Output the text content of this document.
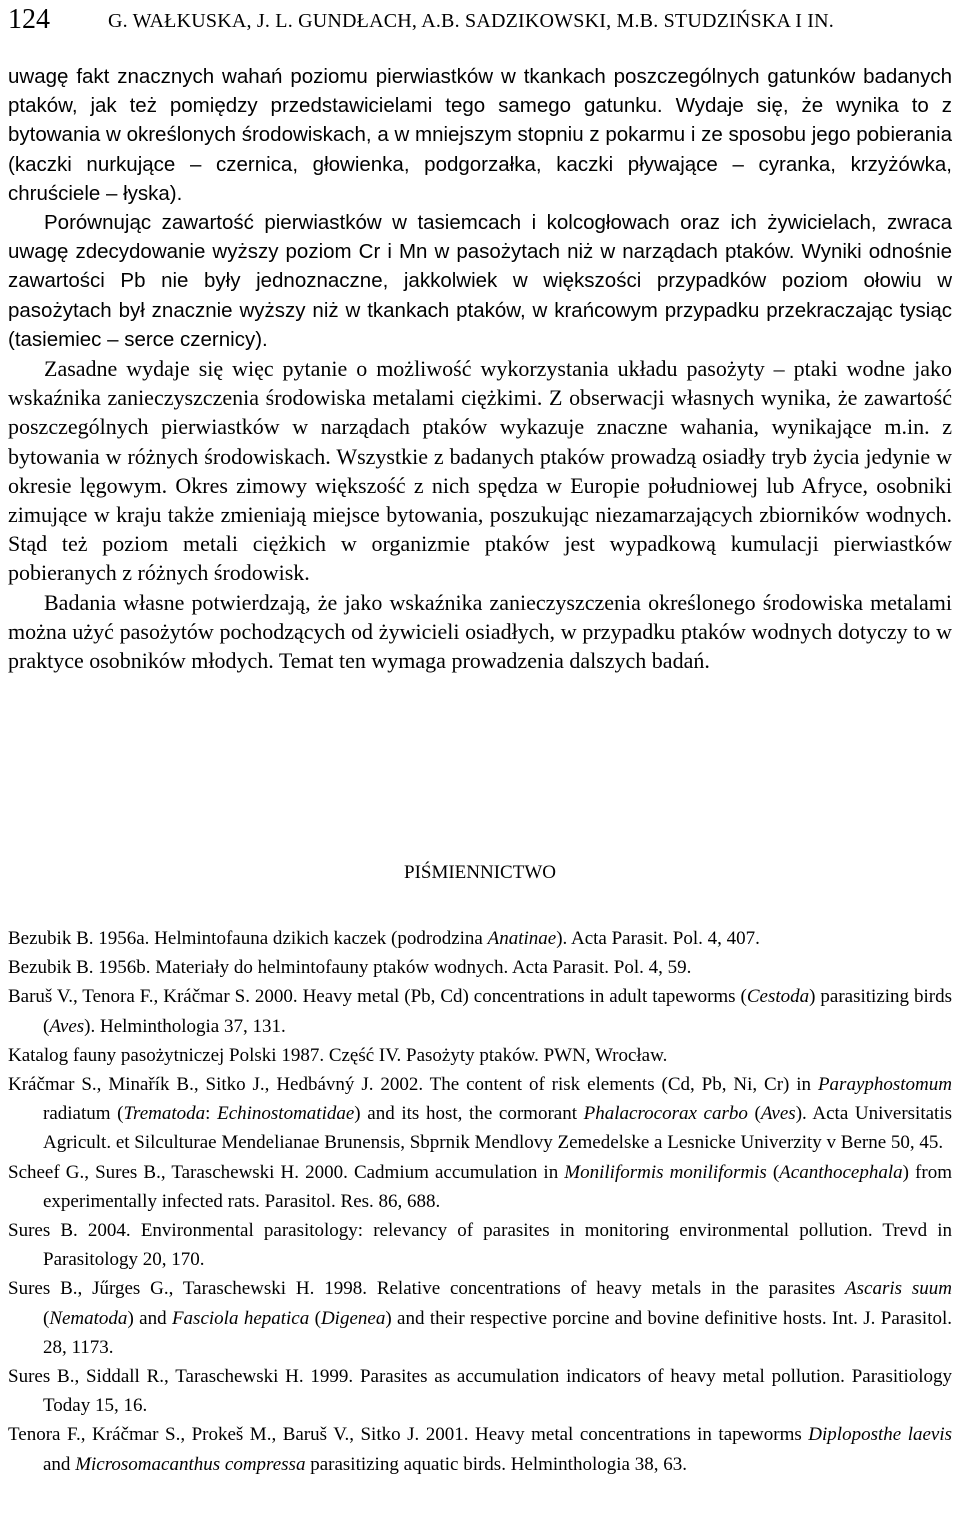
124	G. WAŁKUSKA, J. L. GUNDŁACH, A.B. SADZIKOWSKI, M.B. STUDZIŃSKA I IN.

uwagę fakt znacznych wahań poziomu pierwiastków w tkankach poszczególnych gatunków badanych ptaków, jak też pomiędzy przedstawicielami tego samego gatunku. Wydaje się, że wynika to z bytowania w określonych środowiskach, a w mniejszym stopniu z pokarmu i ze sposobu jego pobierania (kaczki nurkujące – czernica, głowienka, podgorzałka, kaczki pływające – cyranka, krzyżówka, chruściele – łyska).

Porównując zawartość pierwiastków w tasiemcach i kolcogłowach oraz ich żywicielach, zwraca uwagę zdecydowanie wyższy poziom Cr i Mn w pasożytach niż w narządach ptaków. Wyniki odnośnie zawartości Pb nie były jednoznaczne, jakkolwiek w większości przypadków poziom ołowiu w pasożytach był znacznie wyższy niż w tkankach ptaków, w krańcowym przypadku przekraczając tysiąc (tasiemiec – serce czernicy).

Zasadne wydaje się więc pytanie o możliwość wykorzystania układu pasożyty – ptaki wodne jako wskaźnika zanieczyszczenia środowiska metalami ciężkimi. Z obserwacji własnych wynika, że zawartość poszczególnych pierwiastków w narządach ptaków wykazuje znaczne wahania, wynikające m.in. z bytowania w różnych środowiskach. Wszystkie z badanych ptaków prowadzą osiadły tryb życia jedynie w okresie lęgowym. Okres zimowy większość z nich spędza w Europie południowej lub Afryce, osobniki zimujące w kraju także zmieniają miejsce bytowania, poszukując niezamarzających zbiorników wodnych. Stąd też poziom metali ciężkich w organizmie ptaków jest wypadkową kumulacji pierwiastków pobieranych z różnych środowisk.

Badania własne potwierdzają, że jako wskaźnika zanieczyszczenia określonego środowiska metalami można użyć pasożytów pochodzących od żywicieli osiadłych, w przypadku ptaków wodnych dotyczy to w praktyce osobników młodych. Temat ten wymaga prowadzenia dalszych badań.

PIŚMIENNICTWO

Bezubik B. 1956a. Helmintofauna dzikich kaczek (podrodzina Anatinae). Acta Parasit. Pol. 4, 407.

Bezubik B. 1956b. Materiały do helmintofauny ptaków wodnych. Acta Parasit. Pol. 4, 59.

Baruš V., Tenora F., Kráčmar S. 2000. Heavy metal (Pb, Cd) concentrations in adult tapeworms (Cestoda) parasitizing birds (Aves). Helminthologia 37, 131.

Katalog fauny pasożytniczej Polski 1987. Część IV. Pasożyty ptaków. PWN, Wrocław.

Kráčmar S., Minařík B., Sitko J., Hedbávný J. 2002. The content of risk elements (Cd, Pb, Ni, Cr) in Parayphostomum radiatum (Trematoda: Echinostomatidae) and its host, the cormorant Phalacrocorax carbo (Aves). Acta Universitatis Agricult. et Silculturae Mendelianae Brunensis, Sbprnik Mendlovy Zemedelske a Lesnicke Univerzity v Berne 50, 45.

Scheef G., Sures B., Taraschewski H. 2000. Cadmium accumulation in Moniliformis moniliformis (Acanthocephala) from experimentally infected rats. Parasitol. Res. 86, 688.

Sures B. 2004. Environmental parasitology: relevancy of parasites in monitoring environmental pollution. Trevd in Parasitology 20, 170.

Sures B., Jűrges G., Taraschewski H. 1998. Relative concentrations of heavy metals in the parasites Ascaris suum (Nematoda) and Fasciola hepatica (Digenea) and their respective porcine and bovine definitive hosts. Int. J. Parasitol. 28, 1173.

Sures B., Siddall R., Taraschewski H. 1999. Parasites as accumulation indicators of heavy metal pollution. Parasitiology Today 15, 16.

Tenora F., Kráčmar S., Prokeš M., Baruš V., Sitko J. 2001. Heavy metal concentrations in tapeworms Diploposthe laevis and Microsomacanthus compressa parasitizing aquatic birds. Helminthologia 38, 63.
